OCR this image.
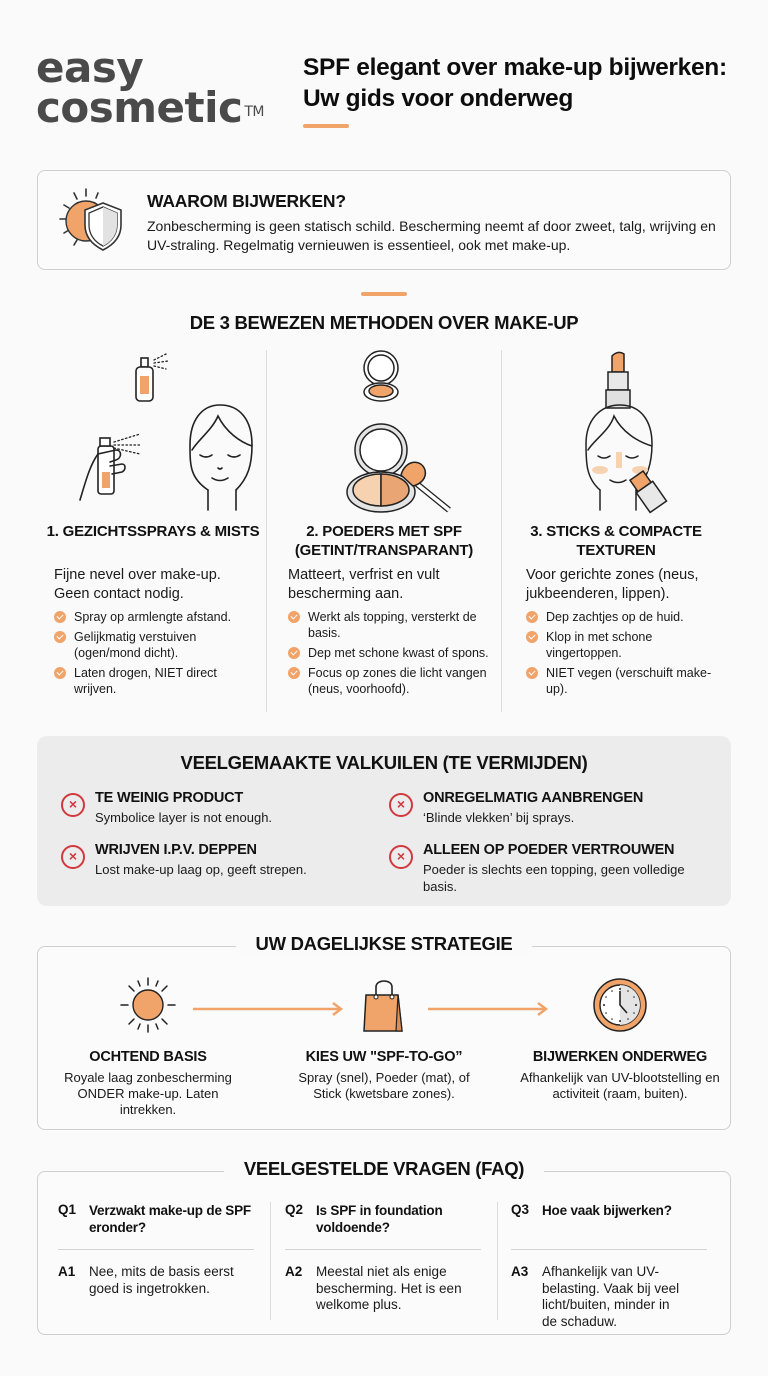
easy
cosmetic ™
SPF elegant over make-up bijwerken: Uw gids voor onderweg
WAAROM BIJWERKEN?

Zonbescherming is geen statisch schild. Bescherming neemt af door zweet, talg, wrijving en UV-straling. Regelmatig vernieuwen is essentieel, ook met make-up.

DE 3 BEWEZEN METHODEN OVER MAKE-UP
1. GEZICHTSSPRAYS & MISTS

Fijne nevel over make-up. Geen contact nodig.

Spray op armlengte afstand.
Gelijkmatig verstuiven (ogen/mond dicht).
Laten drogen, NIET direct wrijven.
2. POEDERS MET SPF (GETINT/TRANSPARANT)

Matteert, verfrist en vult bescherming aan.

Werkt als topping, versterkt de basis.
Dep met schone kwast of spons.
Focus op zones die licht vangen (neus, voorhoofd).
3. STICKS & COMPACTE TEXTUREN

Voor gerichte zones (neus, jukbeenderen, lippen).

Dep zachtjes op de huid.
Klop in met schone vingertoppen.
NIET vegen (verschuift make-up).
VEELGEMAAKTE VALKUILEN (TE VERMIJDEN)
×	TE WEINIG PRODUCT
Symbolice layer is not enough.
×	ONREGELMATIG AANBRENGEN
‘Blinde vlekken’ bij sprays.
×	WRIJVEN I.P.V. DEPPEN
Lost make-up laag op, geeft strepen.
×	ALLEEN OP POEDER VERTROUWEN
Poeder is slechts een topping, geen volledige basis.
UW DAGELIJKSE STRATEGIE
OCHTEND BASIS
Royale laag zonbescherming ONDER make-up. Laten intrekken.
KIES UW "SPF-TO-GO”
Spray (snel), Poeder (mat), of Stick (kwetsbare zones).
BIJWERKEN ONDERWEG
Afhankelijk van UV-blootstelling en activiteit (raam, buiten).
VEELGESTELDE VRAGEN (FAQ)
Q1 Verzwakt make-up de SPF eronder?
A1 Nee, mits de basis eerst goed is ingetrokken.
Q2 Is SPF in foundation voldoende?
A2 Meestal niet als enige bescherming. Het is een welkome plus.
Q3 Hoe vaak bijwerken?
A3 Afhankelijk van UV-belasting. Vaak bij veel licht/buiten, minder in de schaduw.
